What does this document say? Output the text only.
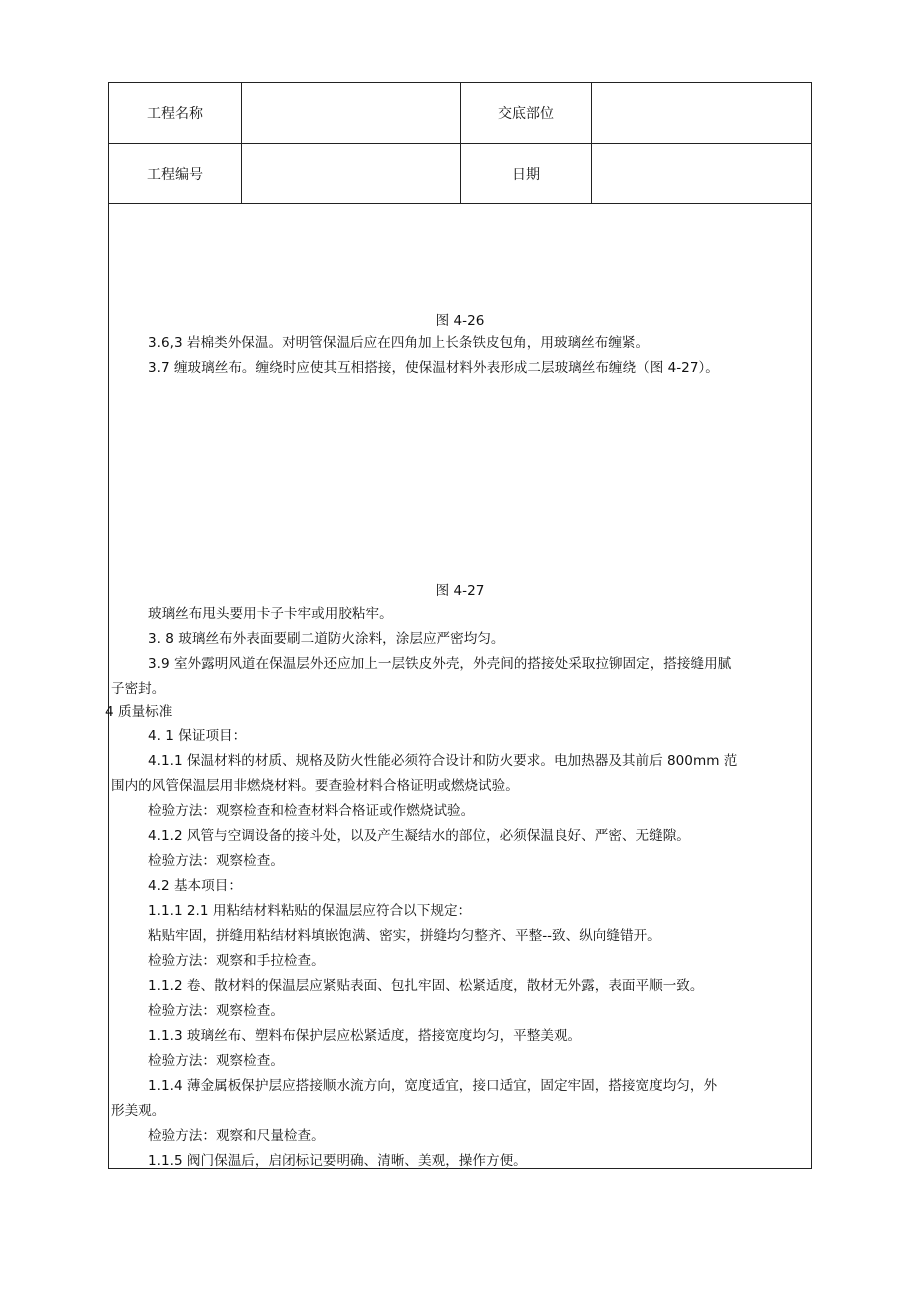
工程名称	交底部位
工程编号	日期
图 4-26
3.6,3 岩棉类外保温。对明管保温后应在四角加上长条铁皮包角，用玻璃丝布缠紧。
3.7 缠玻璃丝布。缠绕时应使其互相搭接，使保温材料外表形成二层玻璃丝布缠绕（图 4-27）。
图 4-27
玻璃丝布甩头要用卡子卡牢或用胶粘牢。
3. 8 玻璃丝布外表面要刷二道防火涂料，涂层应严密均匀。
3.9 室外露明风道在保温层外还应加上一层铁皮外壳，外壳间的搭接处采取拉铆固定，搭接缝用腻
子密封。
4 质量标准
4. 1 保证项目：
4.1.1 保温材料的材质、规格及防火性能必须符合设计和防火要求。电加热器及其前后 800mm 范
围内的风管保温层用非燃烧材料。要查验材料合格证明或燃烧试验。
检验方法：观察检查和检查材料合格证或作燃烧试验。
4.1.2 风管与空调设备的接斗处，以及产生凝结水的部位，必须保温良好、严密、无缝隙。
检验方法：观察检查。
4.2 基本项目：
1.1.1 2.1 用粘结材料粘贴的保温层应符合以下规定：
粘贴牢固，拼缝用粘结材料填嵌饱满、密实，拼缝均匀整齐、平整--致、纵向缝错开。
检验方法：观察和手拉检查。
1.1.2 卷、散材料的保温层应紧贴表面、包扎牢固、松紧适度，散材无外露，表面平顺一致。
检验方法：观察检查。
1.1.3 玻璃丝布、塑料布保护层应松紧适度，搭接宽度均匀，平整美观。
检验方法：观察检查。
1.1.4 薄金属板保护层应搭接顺水流方向，宽度适宜，接口适宜，固定牢固，搭接宽度均匀，外
形美观。
检验方法：观察和尺量检查。
1.1.5 阀门保温后，启闭标记要明确、清晰、美观，操作方便。
